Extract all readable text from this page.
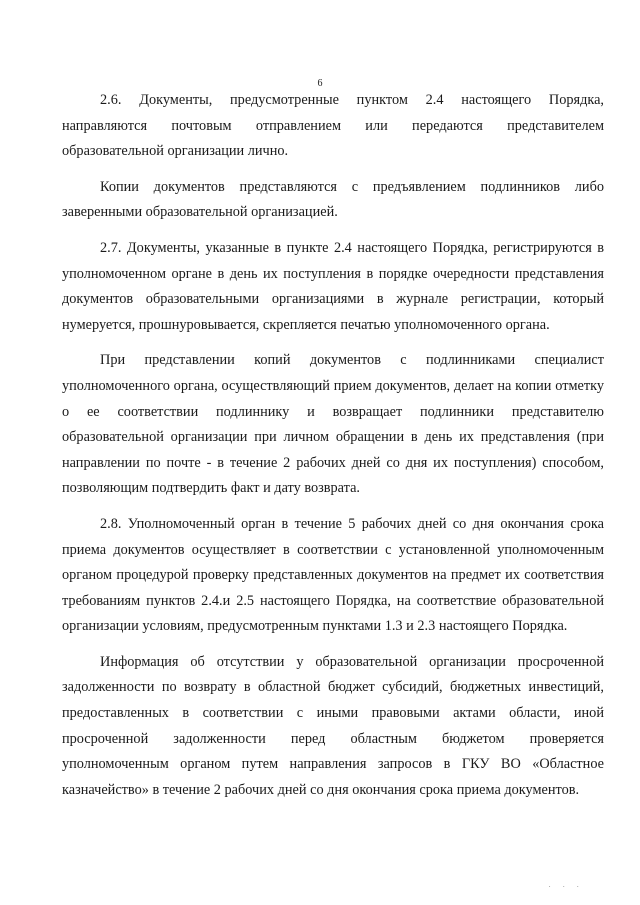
6

2.6. Документы, предусмотренные пунктом 2.4 настоящего Порядка, направляются почтовым отправлением или передаются представителем образовательной организации лично.

Копии документов представляются с предъявлением подлинников либо заверенными образовательной организацией.

2.7. Документы, указанные в пункте 2.4 настоящего Порядка, регистрируются в уполномоченном органе в день их поступления в порядке очередности представления документов образовательными организациями в журнале регистрации, который нумеруется, прошнуровывается, скрепляется печатью уполномоченного органа.

При представлении копий документов с подлинниками специалист уполномоченного органа, осуществляющий прием документов, делает на копии отметку о ее соответствии подлиннику и возвращает подлинники представителю образовательной организации при личном обращении в день их представления (при направлении по почте - в течение 2 рабочих дней со дня их поступления) способом, позволяющим подтвердить факт и дату возврата.

2.8. Уполномоченный орган в течение 5 рабочих дней со дня окончания срока приема документов осуществляет в соответствии с установленной уполномоченным органом процедурой проверку представленных документов на предмет их соответствия требованиям пунктов 2.4.и 2.5 настоящего Порядка, на соответствие образовательной организации условиям, предусмотренным пунктами 1.3 и 2.3 настоящего Порядка.

Информация об отсутствии у образовательной организации просроченной задолженности по возврату в областной бюджет субсидий, бюджетных инвестиций, предоставленных в соответствии с иными правовыми актами области, иной просроченной задолженности перед областным бюджетом проверяется уполномоченным органом путем направления запросов в ГКУ ВО «Областное казначейство» в течение 2 рабочих дней со дня окончания срока приема документов.

· · ·
